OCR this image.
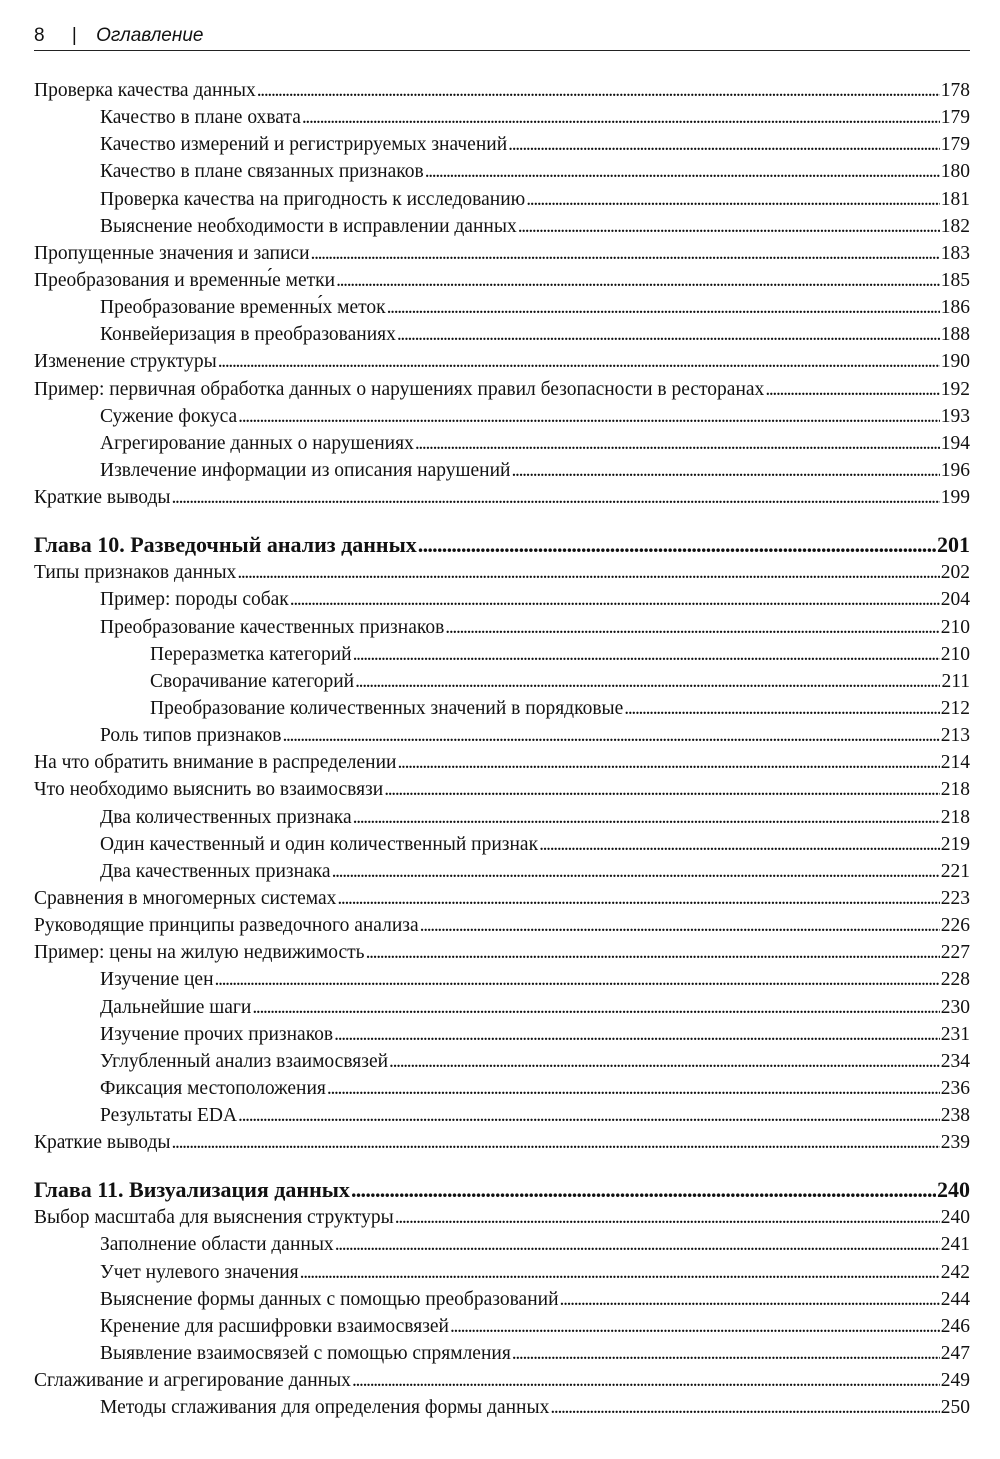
8 | Оглавление
Проверка качества данных . . .	178
Качество в плане охвата . . .	179
Качество измерений и регистрируемых значений . . .	179
Качество в плане связанных признаков . . .	180
Проверка качества на пригодность к исследованию . . .	181
Выяснение необходимости в исправлении данных . . .	182
Пропущенные значения и записи . . .	183
Преобразования и временны́е метки . . .	185
Преобразование временны́х меток . . .	186
Конвейеризация в преобразованиях . . .	188
Изменение структуры . . .	190
Пример: первичная обработка данных о нарушениях правил безопасности в ресторанах . . .	192
Сужение фокуса . . .	193
Агрегирование данных о нарушениях . . .	194
Извлечение информации из описания нарушений . . .	196
Краткие выводы . . .	199
Глава 10. Разведочный анализ данных . . .	201
Типы признаков данных . . .	202
Пример: породы собак . . .	204
Преобразование качественных признаков . . .	210
Переразметка категорий . . .	210
Сворачивание категорий . . .	211
Преобразование количественных значений в порядковые . . .	212
Роль типов признаков . . .	213
На что обратить внимание в распределении . . .	214
Что необходимо выяснить во взаимосвязи . . .	218
Два количественных признака . . .	218
Один качественный и один количественный признак . . .	219
Два качественных признака . . .	221
Сравнения в многомерных системах . . .	223
Руководящие принципы разведочного анализа . . .	226
Пример: цены на жилую недвижимость . . .	227
Изучение цен . . .	228
Дальнейшие шаги . . .	230
Изучение прочих признаков . . .	231
Углубленный анализ взаимосвязей . . .	234
Фиксация местоположения . . .	236
Результаты EDA . . .	238
Краткие выводы . . .	239
Глава 11. Визуализация данных . . .	240
Выбор масштаба для выяснения структуры . . .	240
Заполнение области данных . . .	241
Учет нулевого значения . . .	242
Выяснение формы данных с помощью преобразований . . .	244
Кренение для расшифровки взаимосвязей . . .	246
Выявление взаимосвязей с помощью спрямления . . .	247
Сглаживание и агрегирование данных . . .	249
Методы сглаживания для определения формы данных . . .	250
